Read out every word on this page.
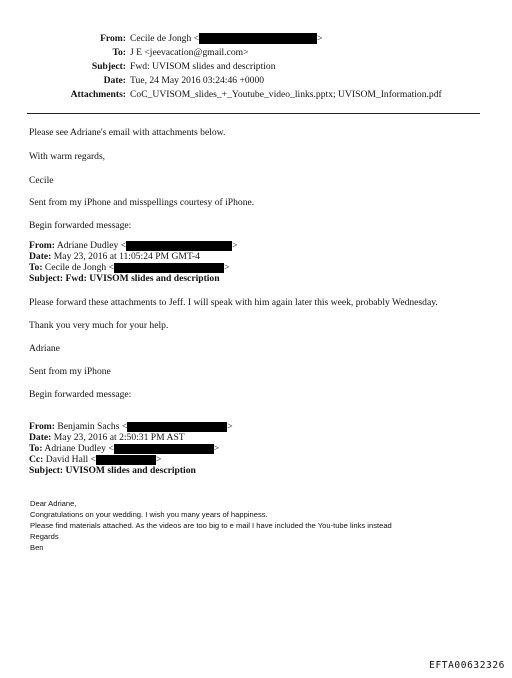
From: Cecile de Jongh <	>
To: J E <jeevacation@gmail.com>
Subject: Fwd: UVISOM slides and description
Date: Tue, 24 May 2016 03:24:46 +0000
Attachments: CoC_UVISOM_slides_+_Youtube_video_links.pptx; UVISOM_Information.pdf
Please see Adriane's email with attachments below.
With warm regards,
Cecile
Sent from my iPhone and misspellings courtesy of iPhone.
Begin forwarded message:
From: Adriane Dudley <	>
Date: May 23, 2016 at 11:05:24 PM GMT-4
To: Cecile de Jongh <	>
Subject: Fwd: UVISOM slides and description
Please forward these attachments to Jeff. I will speak with him again later this week, probably Wednesday.
Thank you very much for your help.
Adriane
Sent from my iPhone
Begin forwarded message:
From: Benjamin Sachs <	>
Date: May 23, 2016 at 2:50:31 PM AST
To: Adriane Dudley <	>
Cc: David Hall <	>
Subject: UVISOM slides and description
Dear Adriane,
Congratulations on your wedding. I wish you many years of happiness.
Please find materials attached. As the videos are too big to e mail I have included the You-tube links instead
Regards
Ben
EFTA00632326
